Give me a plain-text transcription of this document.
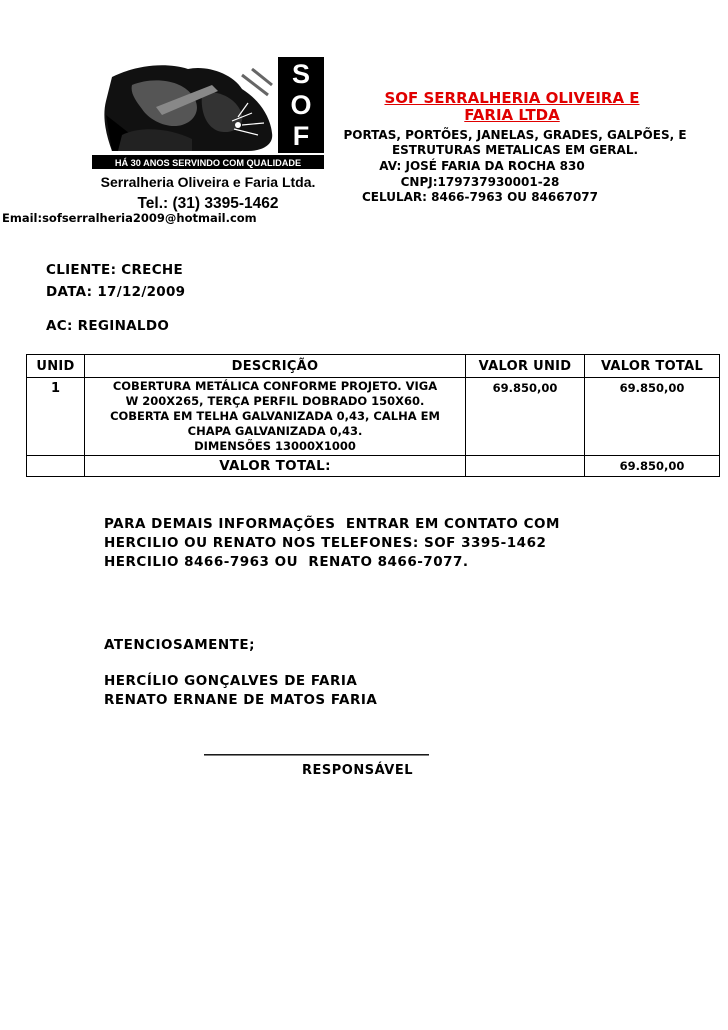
S
O
F
HÁ 30 ANOS SERVINDO COM QUALIDADE
Serralheria Oliveira e Faria Ltda.
Tel.: (31) 3395-1462
SOF SERRALHERIA OLIVEIRA E
FARIA LTDA
PORTAS, PORTÕES, JANELAS, GRADES, GALPÕES, E
ESTRUTURAS METALICAS EM GERAL.
AV: JOSÉ FARIA DA ROCHA 830
CNPJ:179737930001-28
CELULAR: 8466-7963 OU 84667077
Email:sofserralheria2009@hotmail.com
CLIENTE: CRECHE
DATA: 17/12/2009
AC: REGINALDO
UNID	DESCRIÇÃO	VALOR UNID	VALOR TOTAL
1	COBERTURA METÁLICA CONFORME PROJETO. VIGA
W 200X265, TERÇA PERFIL DOBRADO 150X60.
COBERTA EM TELHA GALVANIZADA 0,43, CALHA EM
CHAPA GALVANIZADA 0,43.
DIMENSÕES 13000X1000	69.850,00	69.850,00
	VALOR TOTAL:		69.850,00
PARA DEMAIS INFORMAÇÕES  ENTRAR EM CONTATO COM
HERCILIO OU RENATO NOS TELEFONES: SOF 3395-1462
HERCILIO 8466-7963 OU  RENATO 8466-7077.
ATENCIOSAMENTE;
HERCÍLIO GONÇALVES DE FARIA
RENATO ERNANE DE MATOS FARIA
______________________________
RESPONSÁVEL
